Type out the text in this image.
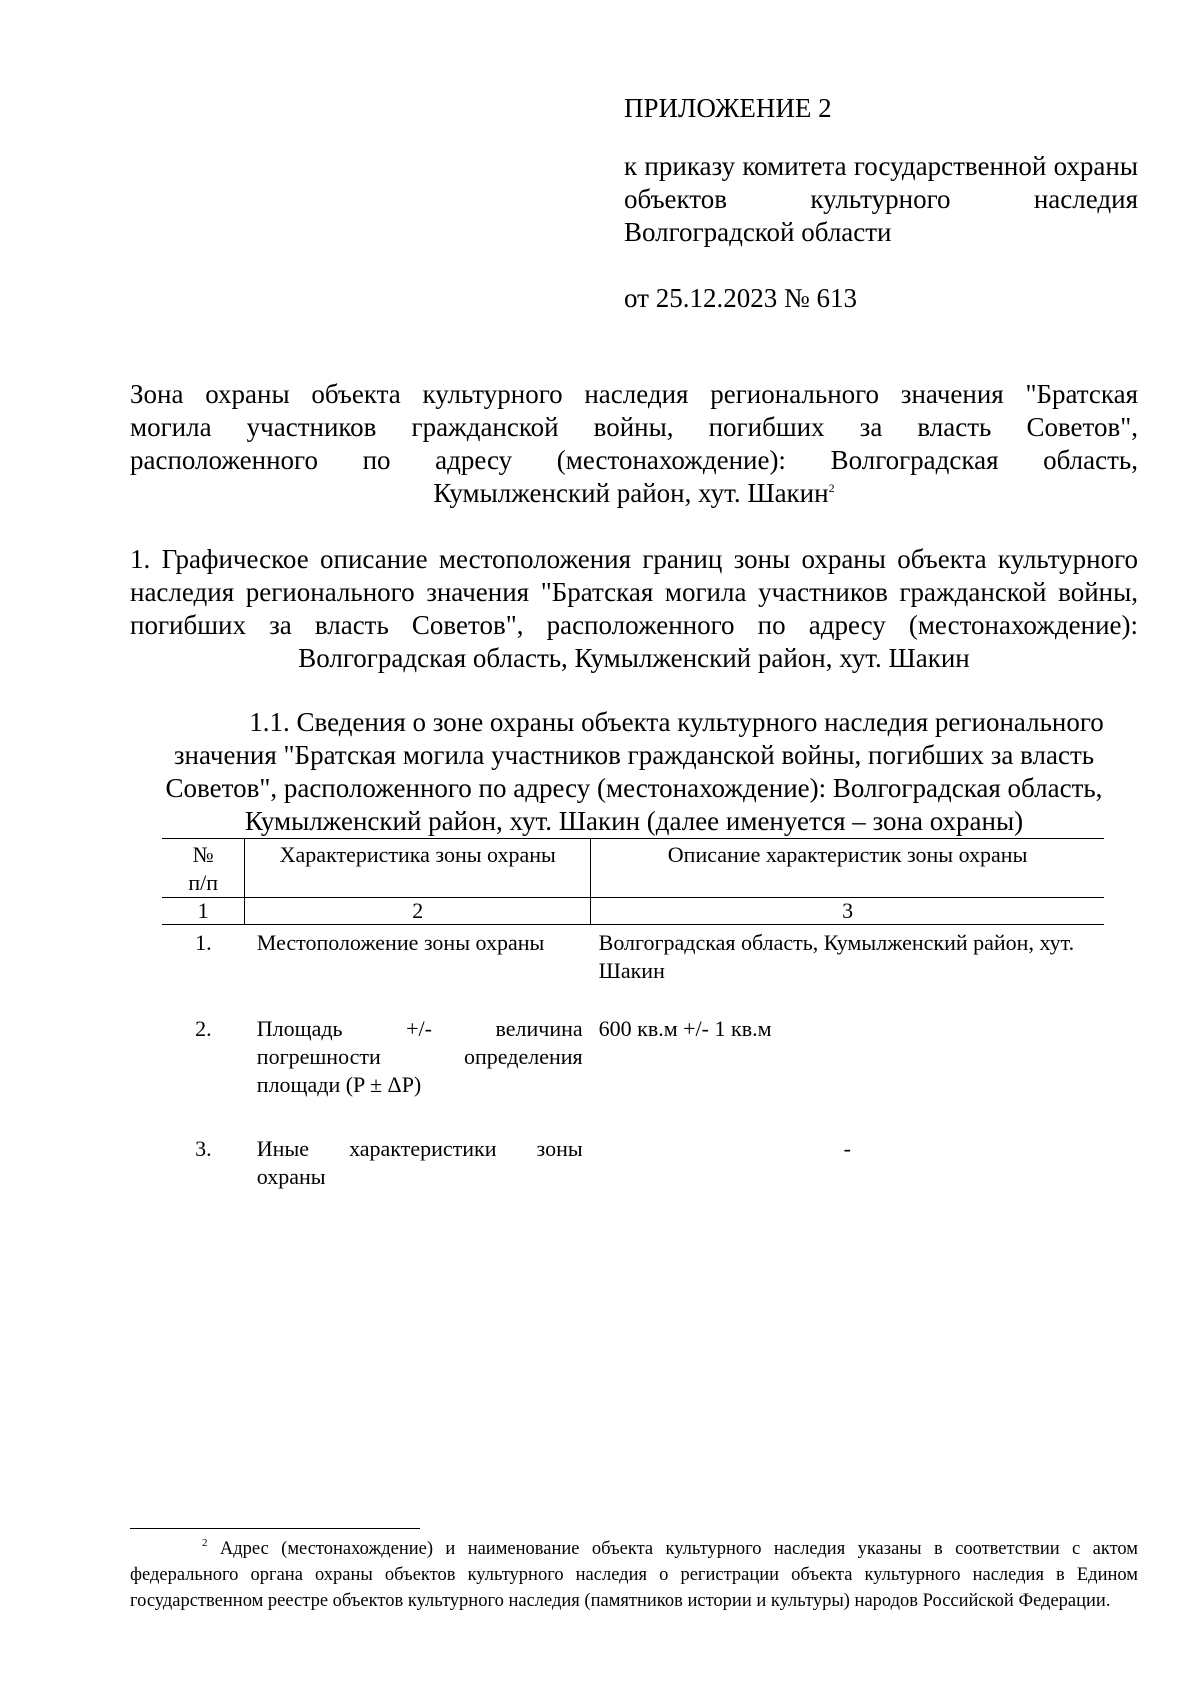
ПРИЛОЖЕНИЕ 2
к приказу комитета государственной охраны объектов культурного наследия Волгоградской области
от 25.12.2023 № 613
Зона охраны объекта культурного наследия регионального значения "Братская
могила участников гражданской войны, погибших за власть Советов",
расположенного по адресу (местонахождение): Волгоградская область,
Кумылженский район, хут. Шакин$^2$
1. Графическое описание местоположения границ зоны охраны объекта культурного наследия регионального значения "Братская могила участников гражданской войны, погибших за власть Советов", расположенного по адресу (местонахождение): Волгоградская область, Кумылженский район, хут. Шакин
1.1. Сведения о зоне охраны объекта культурного наследия регионального
значения "Братская могила участников гражданской войны, погибших за власть
Советов", расположенного по адресу (местонахождение): Волгоградская область,
Кумылженский район, хут. Шакин (далее именуется – зона охраны)
№
п/п	Характеристика зоны охраны	Описание характеристик зоны охраны
1	2	3
1.	Местоположение зоны охраны	Волгоградская область, Кумылженский район, хут. Шакин
2.	Площадь +/- величина погрешности определения площади (P ± ΔP)	600 кв.м +/- 1 кв.м
3.	Иные характеристики зоны охраны	-
$^2$ Адрес (местонахождение) и наименование объекта культурного наследия указаны в соответствии с актом федерального органа охраны объектов культурного наследия о регистрации объекта культурного наследия в Едином государственном реестре объектов культурного наследия (памятников истории и культуры) народов Российской Федерации.
